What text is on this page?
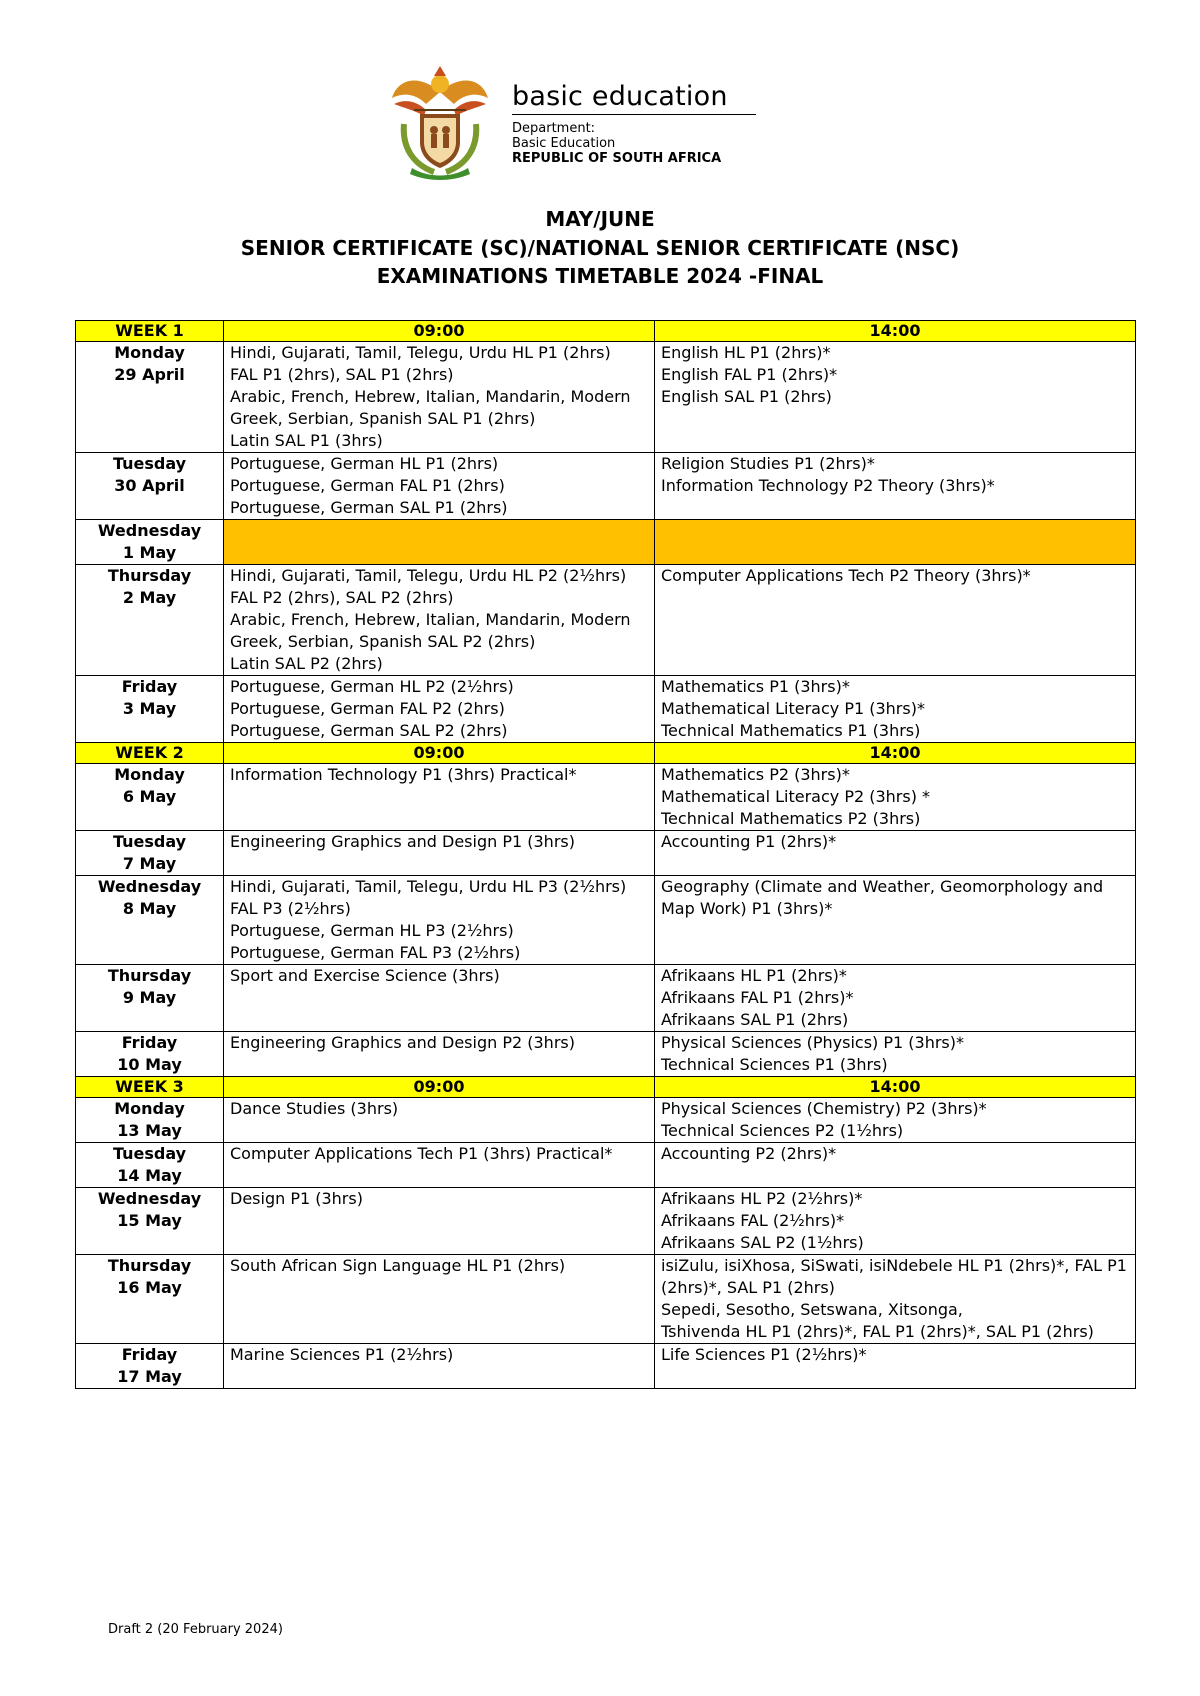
basic education
Department:
Basic Education
REPUBLIC OF SOUTH AFRICA
MAY/JUNE
SENIOR CERTIFICATE (SC)/NATIONAL SENIOR CERTIFICATE (NSC)
EXAMINATIONS TIMETABLE 2024 -FINAL
WEEK 1	09:00	14:00

Monday
29 April	Hindi, Gujarati, Tamil, Telegu, Urdu HL P1 (2hrs)
FAL P1 (2hrs), SAL P1 (2hrs)
Arabic, French, Hebrew, Italian, Mandarin, Modern Greek, Serbian, Spanish SAL P1 (2hrs)
Latin SAL P1 (3hrs)	English HL P1 (2hrs)*
English FAL P1 (2hrs)*
English SAL P1 (2hrs)

Tuesday
30 April	Portuguese, German HL P1 (2hrs)
Portuguese, German FAL P1 (2hrs)
Portuguese, German SAL P1 (2hrs)	Religion Studies P1 (2hrs)*
Information Technology P2 Theory (3hrs)*

Wednesday
1 May		

Thursday
2 May	Hindi, Gujarati, Tamil, Telegu, Urdu HL P2 (2½hrs)
FAL P2 (2hrs), SAL P2 (2hrs)
Arabic, French, Hebrew, Italian, Mandarin, Modern Greek, Serbian, Spanish SAL P2 (2hrs)
Latin SAL P2 (2hrs)	Computer Applications Tech P2 Theory (3hrs)*

Friday
3 May	Portuguese, German HL P2 (2½hrs)
Portuguese, German FAL P2 (2hrs)
Portuguese, German SAL P2 (2hrs)	Mathematics P1 (3hrs)*
Mathematical Literacy P1 (3hrs)*
Technical Mathematics P1 (3hrs)

WEEK 2	09:00	14:00

Monday
6 May	Information Technology P1 (3hrs) Practical*	Mathematics P2 (3hrs)*
Mathematical Literacy P2 (3hrs) *
Technical Mathematics P2 (3hrs)

Tuesday
7 May	Engineering Graphics and Design P1 (3hrs)	Accounting P1 (2hrs)*

Wednesday
8 May	Hindi, Gujarati, Tamil, Telegu, Urdu HL P3 (2½hrs)
FAL P3 (2½hrs)
Portuguese, German HL P3 (2½hrs)
Portuguese, German FAL P3 (2½hrs)	Geography (Climate and Weather, Geomorphology and Map Work) P1 (3hrs)*

Thursday
9 May	Sport and Exercise Science (3hrs)	Afrikaans HL P1 (2hrs)*
Afrikaans FAL P1 (2hrs)*
Afrikaans SAL P1 (2hrs)

Friday
10 May	Engineering Graphics and Design P2 (3hrs)	Physical Sciences (Physics) P1 (3hrs)*
Technical Sciences P1 (3hrs)

WEEK 3	09:00	14:00

Monday
13 May	Dance Studies (3hrs)	Physical Sciences (Chemistry) P2 (3hrs)*
Technical Sciences P2 (1½hrs)

Tuesday
14 May	Computer Applications Tech P1 (3hrs) Practical*	Accounting P2 (2hrs)*

Wednesday
15 May	Design P1 (3hrs)	Afrikaans HL P2 (2½hrs)*
Afrikaans FAL (2½hrs)*
Afrikaans SAL P2 (1½hrs)

Thursday
16 May	South African Sign Language HL P1 (2hrs)	isiZulu, isiXhosa, SiSwati, isiNdebele HL P1 (2hrs)*, FAL P1 (2hrs)*, SAL P1 (2hrs)
Sepedi, Sesotho, Setswana, Xitsonga,
Tshivenda HL P1 (2hrs)*, FAL P1 (2hrs)*, SAL P1 (2hrs)

Friday
17 May	Marine Sciences P1 (2½hrs)	Life Sciences P1 (2½hrs)*
Draft 2 (20 February 2024)
